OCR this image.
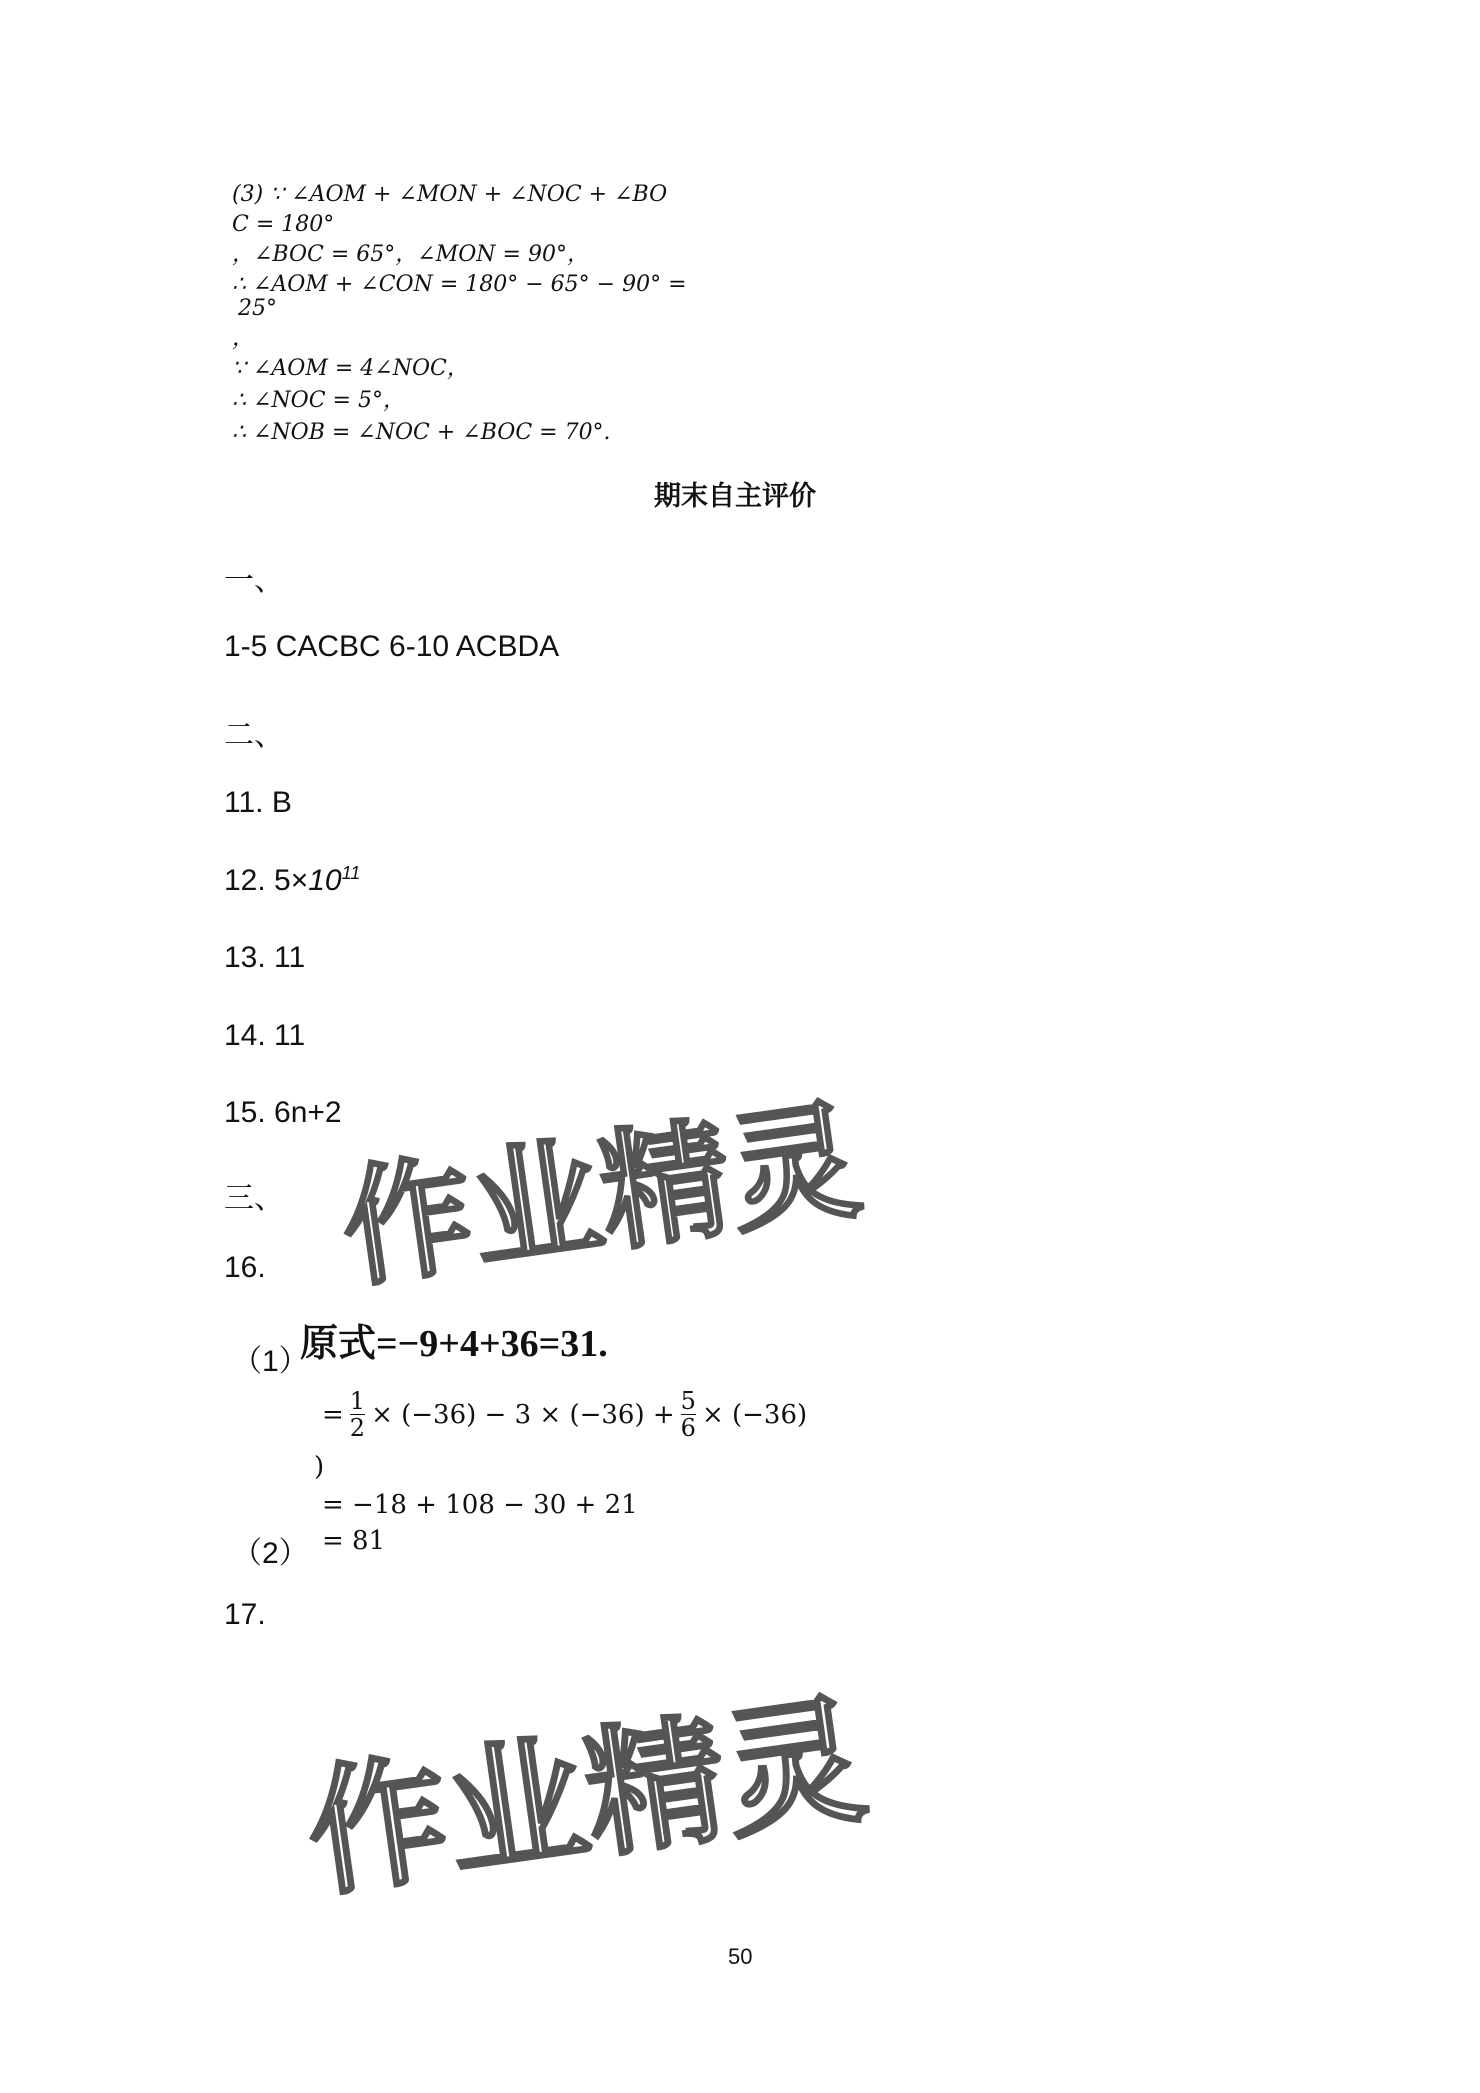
(3) ∵ ∠AOM + ∠MON + ∠NOC + ∠BO
C = 180°
，∠BOC = 65°，∠MON = 90°，
∴ ∠AOM + ∠CON = 180° − 65° − 90° =
25°
，
∵ ∠AOM = 4∠NOC，
∴ ∠NOC = 5°，
∴ ∠NOB = ∠NOC + ∠BOC = 70°.
期末自主评价
一、
1-5 CACBC 6-10 ACBDA
二、
11. B
12. $5\times 10^{11}$
13. 11
14. 11
15. 6n+2
三、
16.
（1）
原式=−9+4+36=31.
= $\frac{1}{2} \times (-36) - 3 \times (-36) + \frac{5}{6} \times (-36)$
)
= −18 + 108 − 30 + 21
（2） = 81
17.
作业精灵
作业精灵
50
